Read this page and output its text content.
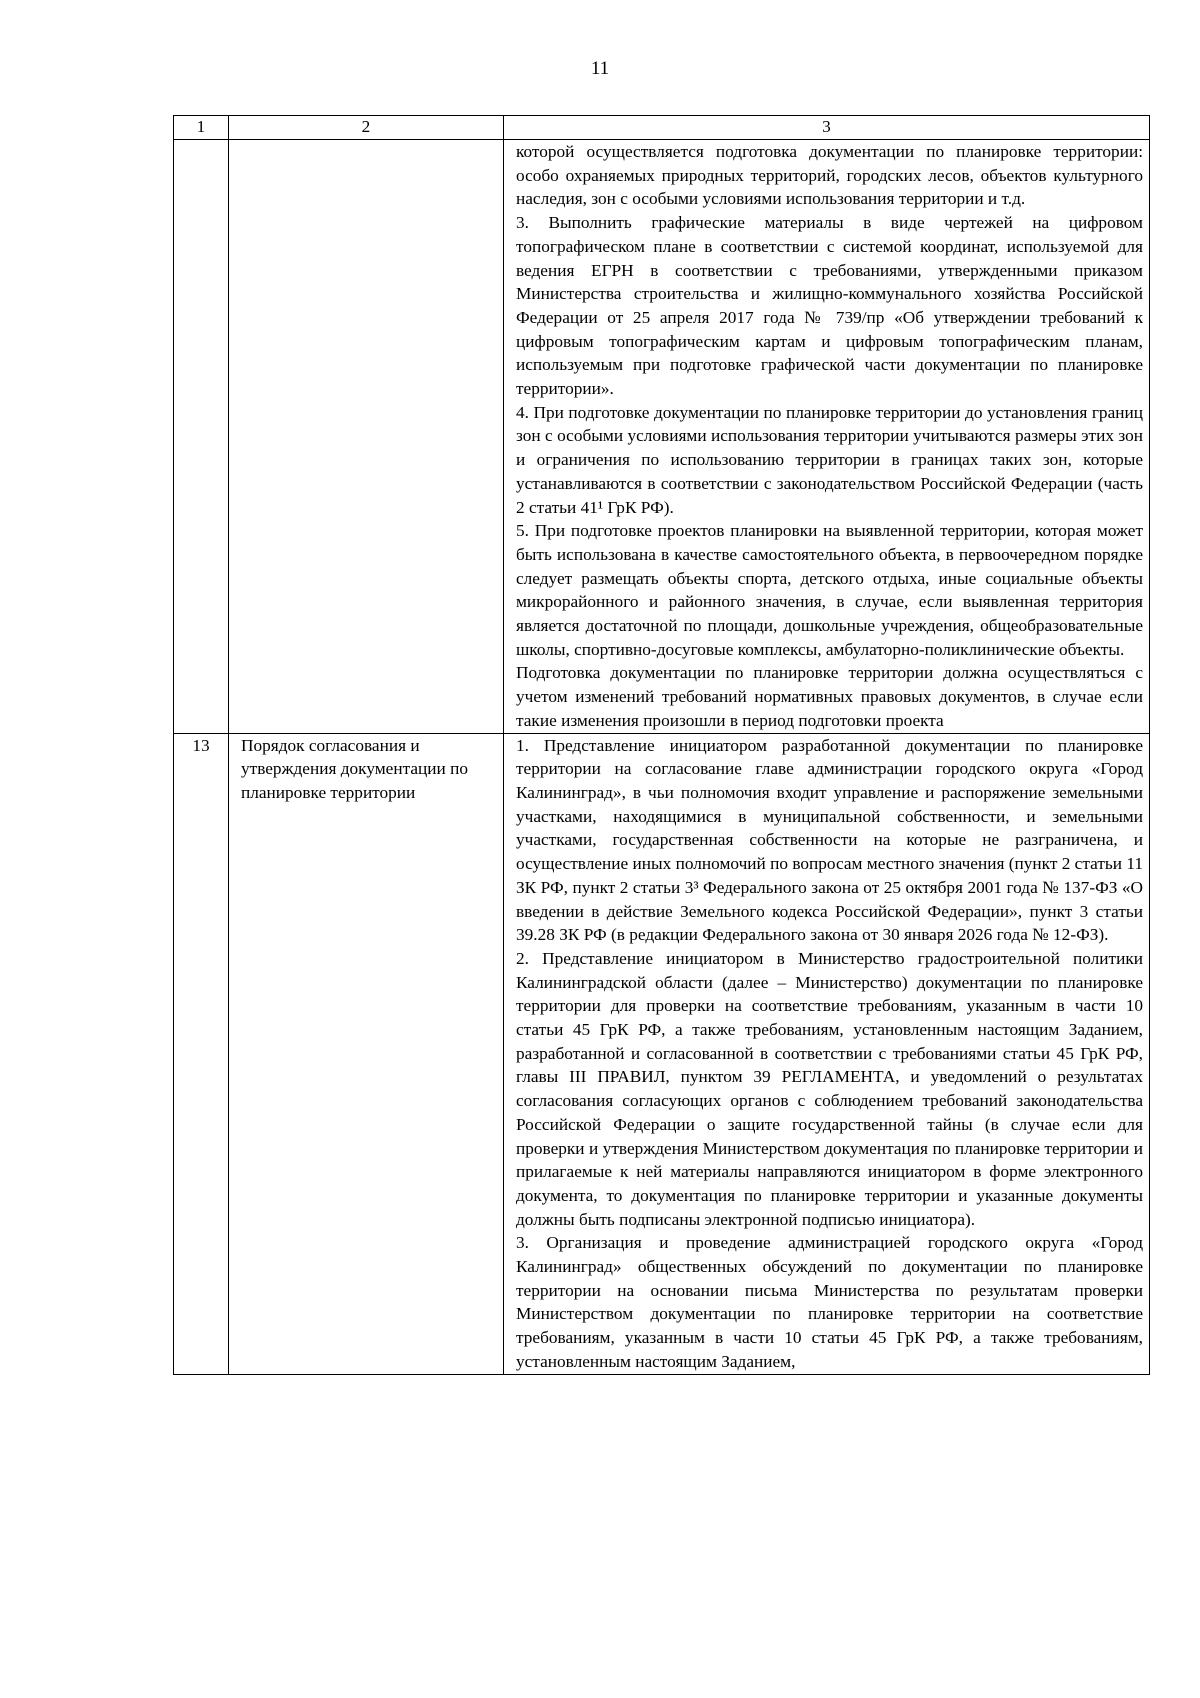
11
1	2	3

		которой осуществляется подготовка документации по планировке территории: особо охраняемых природных территорий, городских лесов, объектов культурного наследия, зон с особыми условиями использования территории и т.д.

3. Выполнить графические материалы в виде чертежей на цифровом топографическом плане в соответствии с системой координат, используемой для ведения ЕГРН в соответствии с требованиями, утвержденными приказом Министерства строительства и жилищно-коммунального хозяйства Российской Федерации от 25 апреля 2017 года № 739/пр «Об утверждении требований к цифровым топографическим картам и цифровым топографическим планам, используемым при подготовке графической части документации по планировке территории».

4. При подготовке документации по планировке территории до установления границ зон с особыми условиями использования территории учитываются размеры этих зон и ограничения по использованию территории в границах таких зон, которые устанавливаются в соответствии с законодательством Российской Федерации (часть 2 статьи 41¹ ГрК РФ).

5. При подготовке проектов планировки на выявленной территории, которая может быть использована в качестве самостоятельного объекта, в первоочередном порядке следует размещать объекты спорта, детского отдыха, иные социальные объекты микрорайонного и районного значения, в случае, если выявленная территория является достаточной по площади, дошкольные учреждения, общеобразовательные школы, спортивно-досуговые комплексы, амбулаторно-поликлинические объекты.

Подготовка документации по планировке территории должна осуществляться с учетом изменений требований нормативных правовых документов, в случае если такие изменения произошли в период подготовки проекта

13	Порядок согласования и утверждения документации по планировке территории	1. Представление инициатором разработанной документации по планировке территории на согласование главе администрации городского округа «Город Калининград», в чьи полномочия входит управление и распоряжение земельными участками, находящимися в муниципальной собственности, и земельными участками, государственная собственности на которые не разграничена, и осуществление иных полномочий по вопросам местного значения (пункт 2 статьи 11 ЗК РФ, пункт 2 статьи 3³ Федерального закона от 25 октября 2001 года № 137-ФЗ «О введении в действие Земельного кодекса Российской Федерации», пункт 3 статьи 39.28 ЗК РФ (в редакции Федерального закона от 30 января 2026 года № 12-ФЗ).

2. Представление инициатором в Министерство градостроительной политики Калининградской области (далее – Министерство) документации по планировке территории для проверки на соответствие требованиям, указанным в части 10 статьи 45 ГрК РФ, а также требованиям, установленным настоящим Заданием, разработанной и согласованной в соответствии с требованиями статьи 45 ГрК РФ, главы III ПРАВИЛ, пунктом 39 РЕГЛАМЕНТА, и уведомлений о результатах согласования согласующих органов с соблюдением требований законодательства Российской Федерации о защите государственной тайны (в случае если для проверки и утверждения Министерством документация по планировке территории и прилагаемые к ней материалы направляются инициатором в форме электронного документа, то документация по планировке территории и указанные документы должны быть подписаны электронной подписью инициатора).

3. Организация и проведение администрацией городского округа «Город Калининград» общественных обсуждений по документации по планировке территории на основании письма Министерства по результатам проверки Министерством документации по планировке территории на соответствие требованиям, указанным в части 10 статьи 45 ГрК РФ, а также требованиям, установленным настоящим Заданием,
